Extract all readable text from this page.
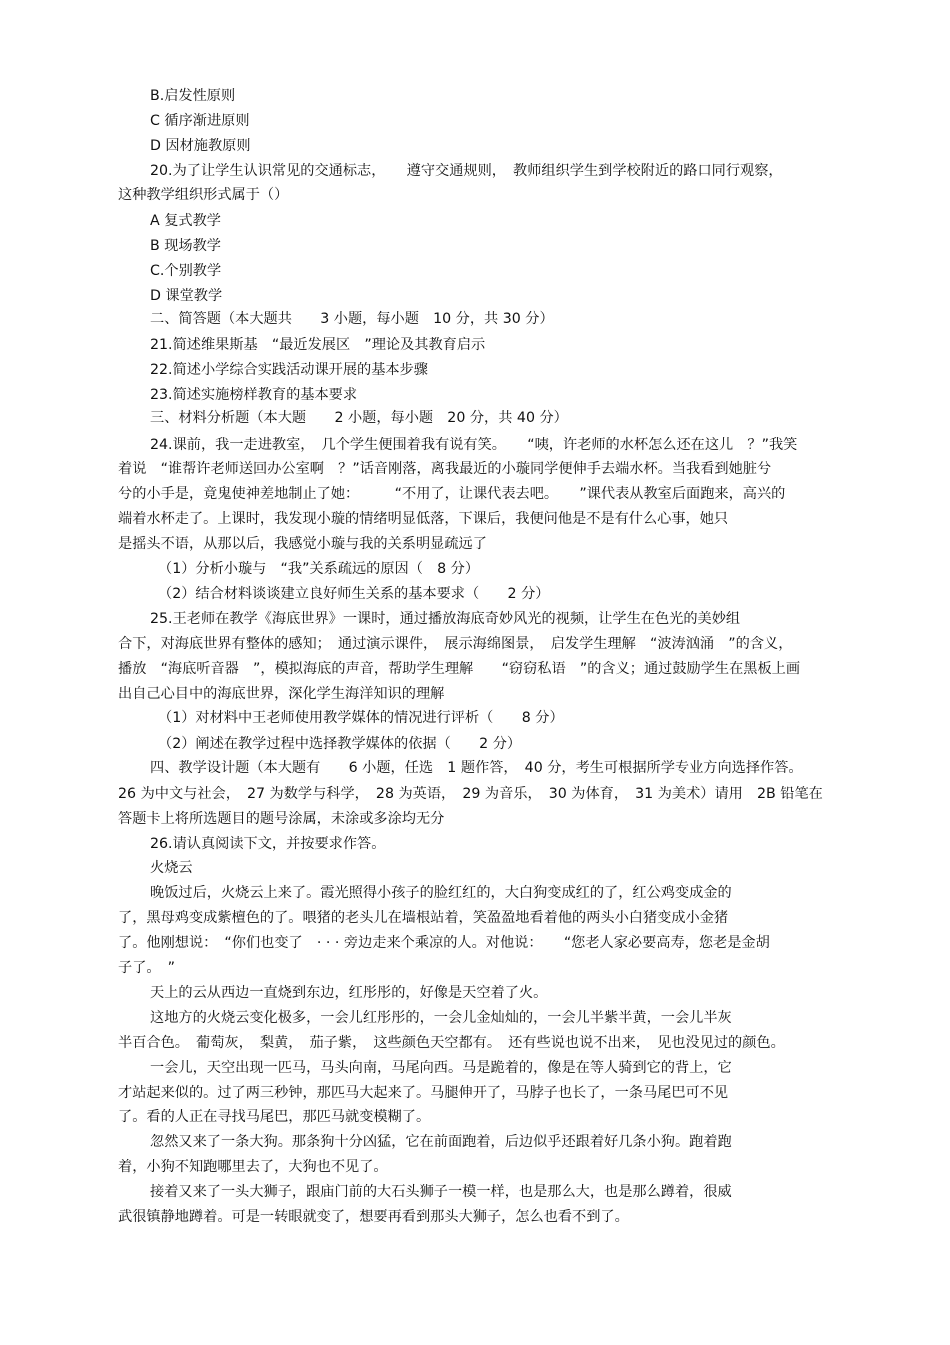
B.启发性原则

C 循序渐进原则

D 因材施教原则

20.为了让学生认识常见的交通标志，　　遵守交通规则，　教师组织学生到学校附近的路口同行观察，

这种教学组织形式属于（）

A 复式教学

B 现场教学

C.个别教学

D 课堂教学

二、简答题（本大题共　　3 小题，每小题　10 分，共 30 分）

21.简述维果斯基　“最近发展区　”理论及其教育启示

22.简述小学综合实践活动课开展的基本步骤

23.简述实施榜样教育的基本要求

三、材料分析题（本大题　　2 小题，每小题　20 分，共 40 分）

24.课前，我一走进教室，　几个学生便围着我有说有笑。　　“咦，许老师的水杯怎么还在这儿　？”我笑

着说　“谁帮许老师送回办公室啊　？”话音刚落，离我最近的小璇同学便伸手去端水杯。当我看到她脏兮

兮的小手是，竟鬼使神差地制止了她：　　　“不用了，让课代表去吧。　　”课代表从教室后面跑来，高兴的

端着水杯走了。上课时，我发现小璇的情绪明显低落，下课后，我便问他是不是有什么心事，她只

是摇头不语，从那以后，我感觉小璇与我的关系明显疏远了

（1）分析小璇与　“我”关系疏远的原因（　8 分）

（2）结合材料谈谈建立良好师生关系的基本要求（　　2 分）

25.王老师在教学《海底世界》一课时，通过播放海底奇妙风光的视频，让学生在色光的美妙组

合下，对海底世界有整体的感知；　通过演示课件，　展示海绵图景，　启发学生理解　“波涛汹涌　”的含义，

播放　“海底听音器　”，模拟海底的声音，帮助学生理解　　“窃窃私语　”的含义；通过鼓励学生在黑板上画

出自己心目中的海底世界，深化学生海洋知识的理解

（1）对材料中王老师使用教学媒体的情况进行评析（　　8 分）

（2）阐述在教学过程中选择教学媒体的依据（　　2 分）

四、教学设计题（本大题有　　6 小题，任选　1 题作答，　40 分，考生可根据所学专业方向选择作答。

26 为中文与社会，　27 为数学与科学，　28 为英语，　29 为音乐，　30 为体育，　31 为美术）请用　2B 铅笔在

答题卡上将所选题目的题号涂属，未涂或多涂均无分

26.请认真阅读下文，并按要求作答。

火烧云

晚饭过后，火烧云上来了。霞光照得小孩子的脸红红的，大白狗变成红的了，红公鸡变成金的

了，黑母鸡变成紫檀色的了。喂猪的老头儿在墙根站着，笑盈盈地看着他的两头小白猪变成小金猪

了。他刚想说：　“你们也变了　· · · 旁边走来个乘凉的人。对他说：　　“您老人家必要高寿，您老是金胡

子了。　”

天上的云从西边一直烧到东边，红彤彤的，好像是天空着了火。

这地方的火烧云变化极多，一会儿红彤彤的，一会儿金灿灿的，一会儿半紫半黄，一会儿半灰

半百合色。　葡萄灰，　梨黄，　茄子紫，　这些颜色天空都有。　还有些说也说不出来，　见也没见过的颜色。

一会儿，天空出现一匹马，马头向南，马尾向西。马是跪着的，像是在等人骑到它的背上，它

才站起来似的。过了两三秒钟，那匹马大起来了。马腿伸开了，马脖子也长了，一条马尾巴可不见

了。看的人正在寻找马尾巴，那匹马就变模糊了。

忽然又来了一条大狗。那条狗十分凶猛，它在前面跑着，后边似乎还跟着好几条小狗。跑着跑

着，小狗不知跑哪里去了，大狗也不见了。

接着又来了一头大狮子，跟庙门前的大石头狮子一模一样，也是那么大，也是那么蹲着，很威

武很镇静地蹲着。可是一转眼就变了，想要再看到那头大狮子，怎么也看不到了。
